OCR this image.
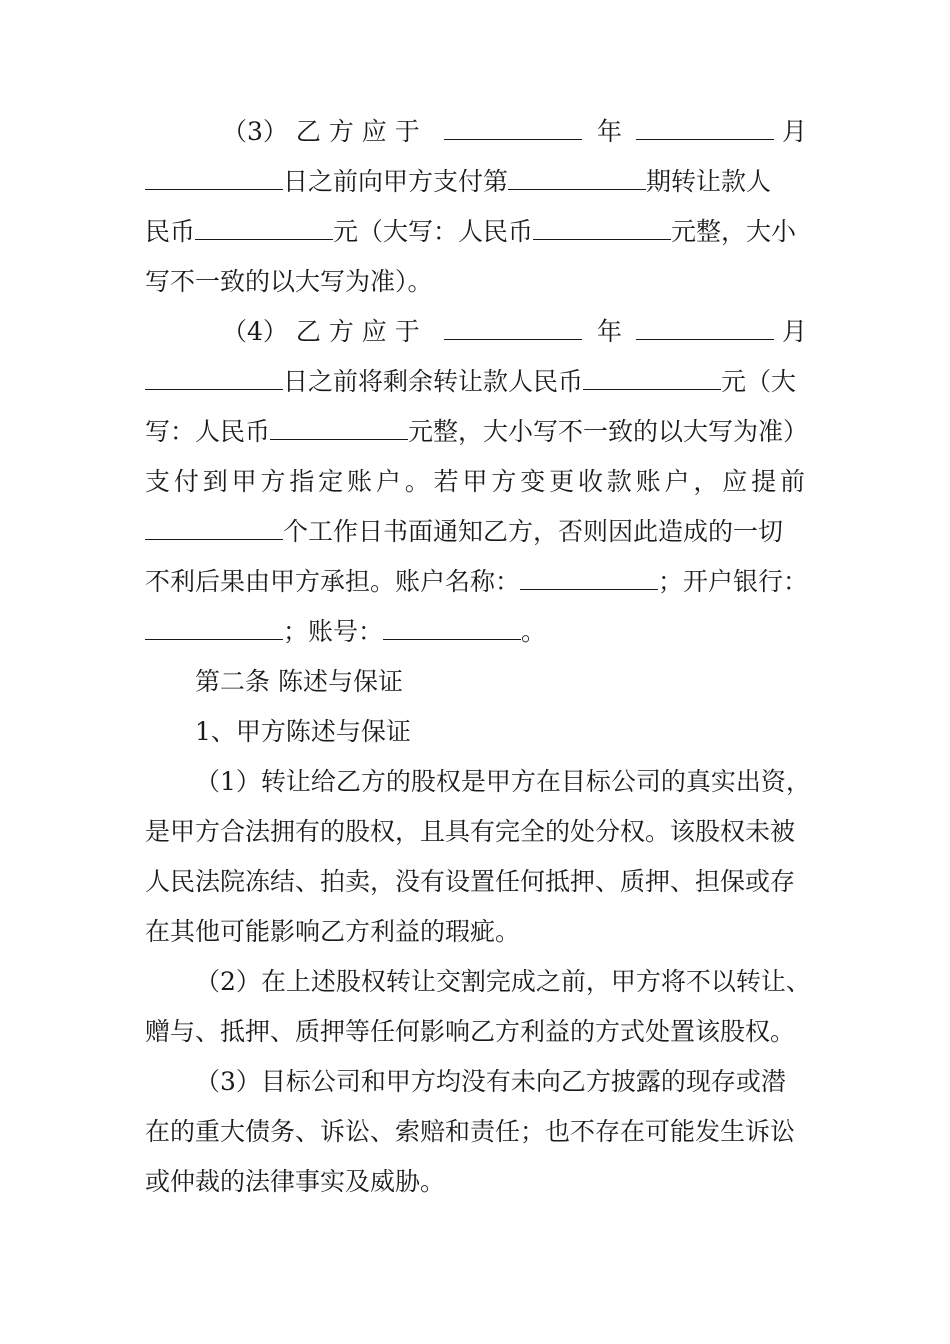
（3） 乙 方 应 于	年	月
日之前向甲方支付第	期转让款人
民币	元（大写：人民币	元整，大小
写不一致的以大写为准）。
（4） 乙 方 应 于	年	月
日之前将剩余转让款人民币	元（大
写：人民币	元整，大小写不一致的以大写为准）
支付到甲方指定账户。若甲方变更收款账户，应提前
个工作日书面通知乙方，否则因此造成的一切
不利后果由甲方承担。账户名称：	；开户银行：
；账号：	。
第二条 陈述与保证
1、甲方陈述与保证
（1）转让给乙方的股权是甲方在目标公司的真实出资，
是甲方合法拥有的股权，且具有完全的处分权。该股权未被
人民法院冻结、拍卖，没有设置任何抵押、质押、担保或存
在其他可能影响乙方利益的瑕疵。
（2）在上述股权转让交割完成之前，甲方将不以转让、
赠与、抵押、质押等任何影响乙方利益的方式处置该股权。
（3）目标公司和甲方均没有未向乙方披露的现存或潜
在的重大债务、诉讼、索赔和责任；也不存在可能发生诉讼
或仲裁的法律事实及威胁。
